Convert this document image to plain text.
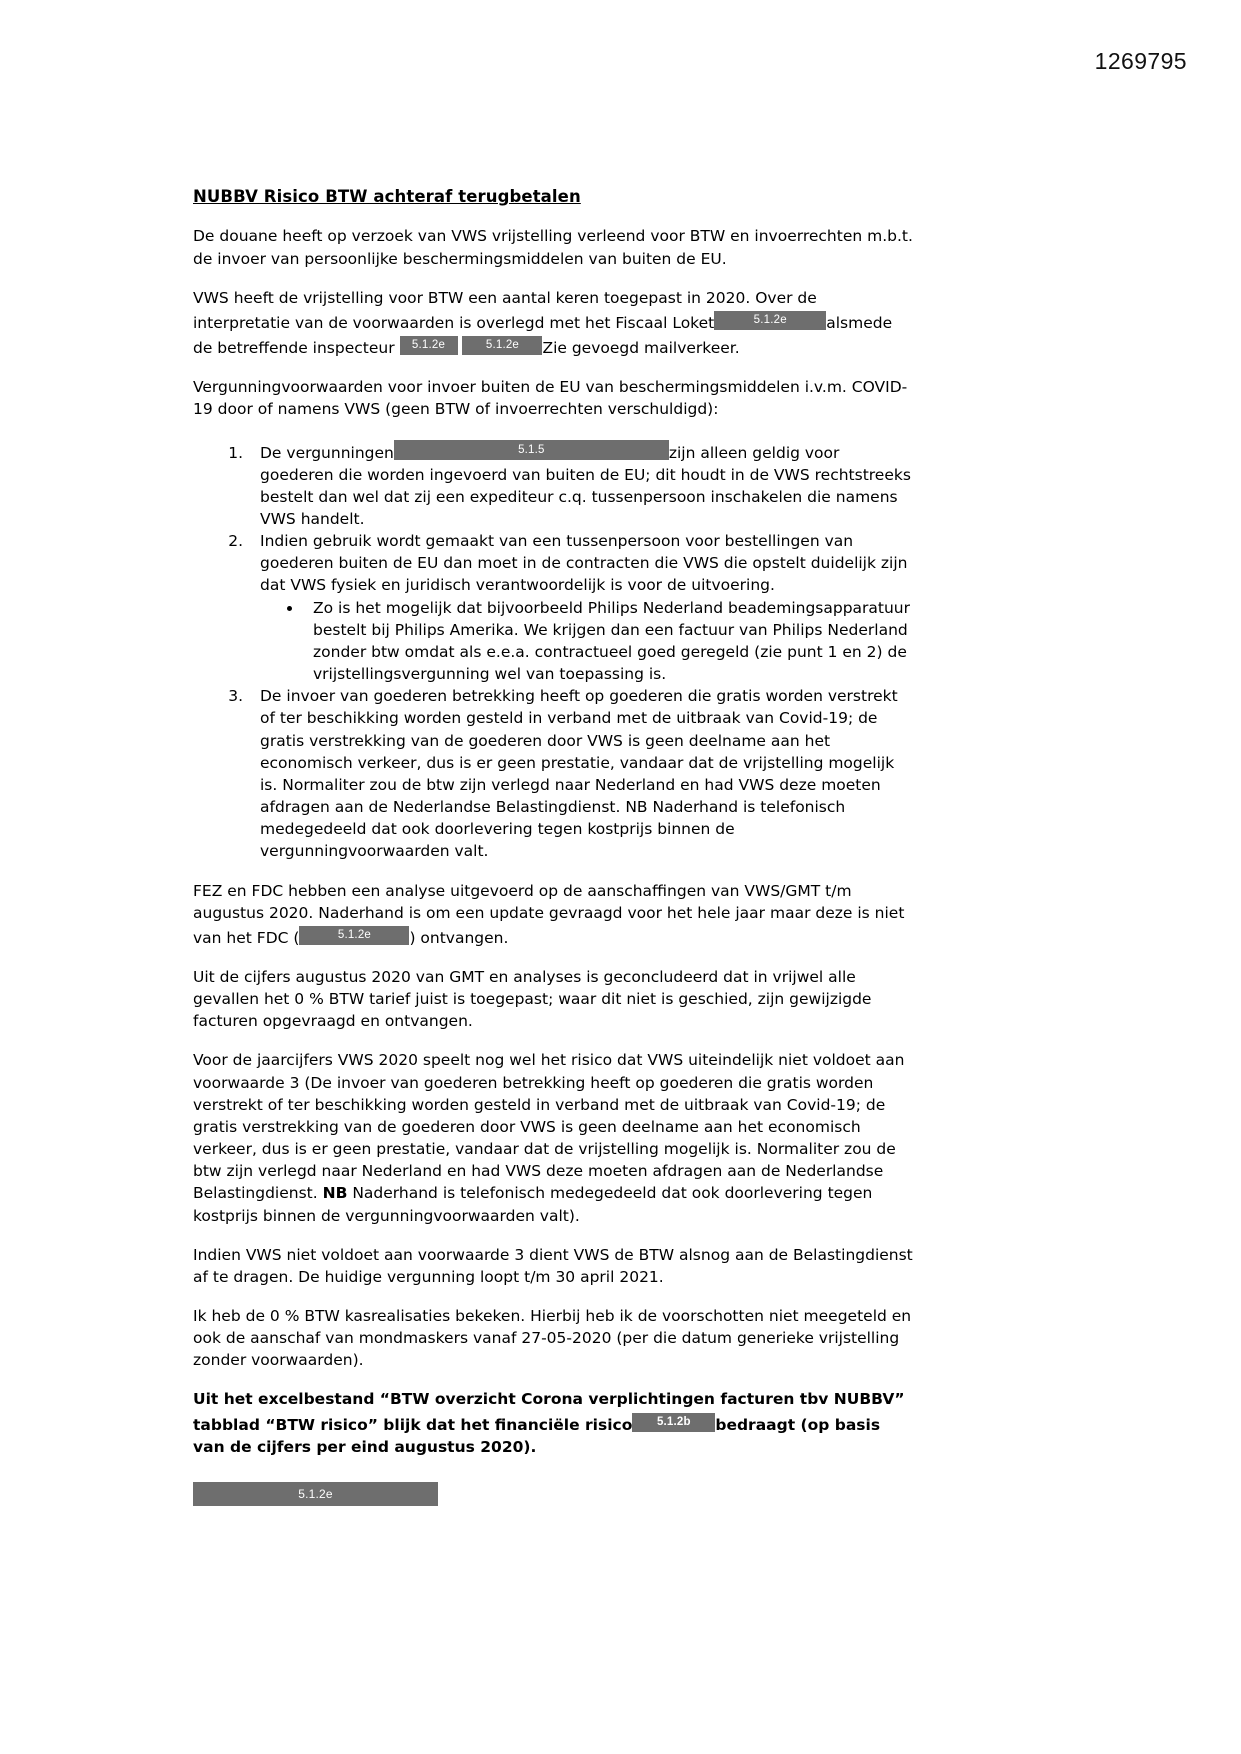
1269795
NUBBV Risico BTW achteraf terugbetalen

De douane heeft op verzoek van VWS vrijstelling verleend voor BTW en invoerrechten m.b.t. de invoer van persoonlijke beschermingsmiddelen van buiten de EU.

VWS heeft de vrijstelling voor BTW een aantal keren toegepast in 2020. Over de interpretatie van de voorwaarden is overlegd met het Fiscaal Loket	5.1.2e	alsmede de betreffende inspecteur 5.1.2e	5.1.2e Zie gevoegd mailverkeer.

Vergunningvoorwaarden voor invoer buiten de EU van beschermingsmiddelen i.v.m. COVID-19 door of namens VWS (geen BTW of invoerrechten verschuldigd):

1. De vergunningen	5.1.5	zijn alleen geldig voor goederen die worden ingevoerd van buiten de EU; dit houdt in de VWS rechtstreeks bestelt dan wel dat zij een expediteur c.q. tussenpersoon inschakelen die namens VWS handelt.
2. Indien gebruik wordt gemaakt van een tussenpersoon voor bestellingen van goederen buiten de EU dan moet in de contracten die VWS die opstelt duidelijk zijn dat VWS fysiek en juridisch verantwoordelijk is voor de uitvoering.
• Zo is het mogelijk dat bijvoorbeeld Philips Nederland beademingsapparatuur bestelt bij Philips Amerika. We krijgen dan een factuur van Philips Nederland zonder btw omdat als e.e.a. contractueel goed geregeld (zie punt 1 en 2) de vrijstellingsvergunning wel van toepassing is.
3. De invoer van goederen betrekking heeft op goederen die gratis worden verstrekt of ter beschikking worden gesteld in verband met de uitbraak van Covid-19; de gratis verstrekking van de goederen door VWS is geen deelname aan het economisch verkeer, dus is er geen prestatie, vandaar dat de vrijstelling mogelijk is. Normaliter zou de btw zijn verlegd naar Nederland en had VWS deze moeten afdragen aan de Nederlandse Belastingdienst. NB Naderhand is telefonisch medegedeeld dat ook doorlevering tegen kostprijs binnen de vergunningvoorwaarden valt.

FEZ en FDC hebben een analyse uitgevoerd op de aanschaffingen van VWS/GMT t/m augustus 2020. Naderhand is om een update gevraagd voor het hele jaar maar deze is niet van het FDC (	5.1.2e ) ontvangen.

Uit de cijfers augustus 2020 van GMT en analyses is geconcludeerd dat in vrijwel alle gevallen het 0 % BTW tarief juist is toegepast; waar dit niet is geschied, zijn gewijzigde facturen opgevraagd en ontvangen.

Voor de jaarcijfers VWS 2020 speelt nog wel het risico dat VWS uiteindelijk niet voldoet aan voorwaarde 3 (De invoer van goederen betrekking heeft op goederen die gratis worden verstrekt of ter beschikking worden gesteld in verband met de uitbraak van Covid-19; de gratis verstrekking van de goederen door VWS is geen deelname aan het economisch verkeer, dus is er geen prestatie, vandaar dat de vrijstelling mogelijk is. Normaliter zou de btw zijn verlegd naar Nederland en had VWS deze moeten afdragen aan de Nederlandse Belastingdienst. NB Naderhand is telefonisch medegedeeld dat ook doorlevering tegen kostprijs binnen de vergunningvoorwaarden valt).

Indien VWS niet voldoet aan voorwaarde 3 dient VWS de BTW alsnog aan de Belastingdienst af te dragen. De huidige vergunning loopt t/m 30 april 2021.

Ik heb de 0 % BTW kasrealisaties bekeken. Hierbij heb ik de voorschotten niet meegeteld en ook de aanschaf van mondmaskers vanaf 27-05-2020 (per die datum generieke vrijstelling zonder voorwaarden).

Uit het excelbestand “BTW overzicht Corona verplichtingen facturen tbv NUBBV” tabblad “BTW risico” blijk dat het financiële risico 5.1.2b bedraagt (op basis van de cijfers per eind augustus 2020).

5.1.2e
